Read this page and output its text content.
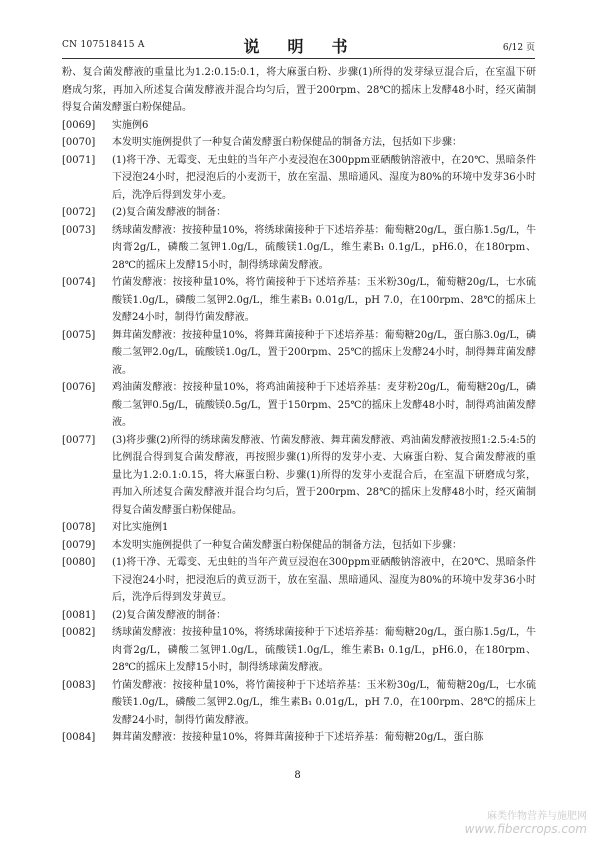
CN 107518415 A	说　明　书	6/12 页

粉、复合菌发酵液的重量比为1.2:0.15:0.1，将大麻蛋白粉、步骤(1)所得的发芽绿豆混合后，在室温下研磨成匀浆，再加入所述复合菌发酵液并混合均匀后，置于200rpm、28℃的摇床上发酵48小时，经灭菌制得复合菌发酵蛋白粉保健品。

[0069]	实施例6

[0070]	本发明实施例提供了一种复合菌发酵蛋白粉保健品的制备方法，包括如下步骤：

[0071]	(1)将干净、无霉变、无虫蛀的当年产小麦浸泡在300ppm亚硒酸钠溶液中，在20℃、黑暗条件下浸泡24小时，把浸泡后的小麦沥干，放在室温、黑暗通风、湿度为80%的环境中发芽36小时后，洗净后得到发芽小麦。

[0072]	(2)复合菌发酵液的制备：

[0073]	绣球菌发酵液：按接种量10%，将绣球菌接种于下述培养基：葡萄糖20g/L，蛋白胨1.5g/L，牛肉膏2g/L，磷酸二氢钾1.0g/L，硫酸镁1.0g/L，维生素B₁ 0.1g/L，pH6.0，在180rpm、28℃的摇床上发酵15小时，制得绣球菌发酵液。

[0074]	竹菌发酵液：按接种量10%，将竹菌接种于下述培养基：玉米粉30g/L，葡萄糖20g/L，七水硫酸镁1.0g/L，磷酸二氢钾2.0g/L，维生素B₁ 0.01g/L，pH 7.0，在100rpm、28℃的摇床上发酵24小时，制得竹菌发酵液。

[0075]	舞茸菌发酵液：按接种量10%，将舞茸菌接种于下述培养基：葡萄糖20g/L，蛋白胨3.0g/L，磷酸二氢钾2.0g/L，硫酸镁1.0g/L，置于200rpm、25℃的摇床上发酵24小时，制得舞茸菌发酵液。

[0076]	鸡油菌发酵液：按接种量10%，将鸡油菌接种于下述培养基：麦芽粉20g/L，葡萄糖20g/L，磷酸二氢钾0.5g/L，硫酸镁0.5g/L，置于150rpm、25℃的摇床上发酵48小时，制得鸡油菌发酵液。

[0077]	(3)将步骤(2)所得的绣球菌发酵液、竹菌发酵液、舞茸菌发酵液、鸡油菌发酵液按照1:2.5:4:5的比例混合得到复合菌发酵液，再按照步骤(1)所得的发芽小麦、大麻蛋白粉、复合菌发酵液的重量比为1.2:0.1:0.15，将大麻蛋白粉、步骤(1)所得的发芽小麦混合后，在室温下研磨成匀浆，再加入所述复合菌发酵液并混合均匀后，置于200rpm、28℃的摇床上发酵48小时，经灭菌制得复合菌发酵蛋白粉保健品。

[0078]	对比实施例1

[0079]	本发明实施例提供了一种复合菌发酵蛋白粉保健品的制备方法，包括如下步骤：

[0080]	(1)将干净、无霉变、无虫蛀的当年产黄豆浸泡在300ppm亚硒酸钠溶液中，在20℃、黑暗条件下浸泡24小时，把浸泡后的黄豆沥干，放在室温、黑暗通风、湿度为80%的环境中发芽36小时后，洗净后得到发芽黄豆。

[0081]	(2)复合菌发酵液的制备：

[0082]	绣球菌发酵液：按接种量10%，将绣球菌接种于下述培养基：葡萄糖20g/L，蛋白胨1.5g/L，牛肉膏2g/L，磷酸二氢钾1.0g/L，硫酸镁1.0g/L，维生素B₁ 0.1g/L，pH6.0，在180rpm、28℃的摇床上发酵15小时，制得绣球菌发酵液。

[0083]	竹菌发酵液：按接种量10%，将竹菌接种于下述培养基：玉米粉30g/L，葡萄糖20g/L，七水硫酸镁1.0g/L，磷酸二氢钾2.0g/L，维生素B₁ 0.01g/L，pH 7.0，在100rpm、28℃的摇床上发酵24小时，制得竹菌发酵液。

[0084]	舞茸菌发酵液：按接种量10%，将舞茸菌接种于下述培养基：葡萄糖20g/L，蛋白胨

8
麻类作物营养与施肥网
www.fibercrops.com
